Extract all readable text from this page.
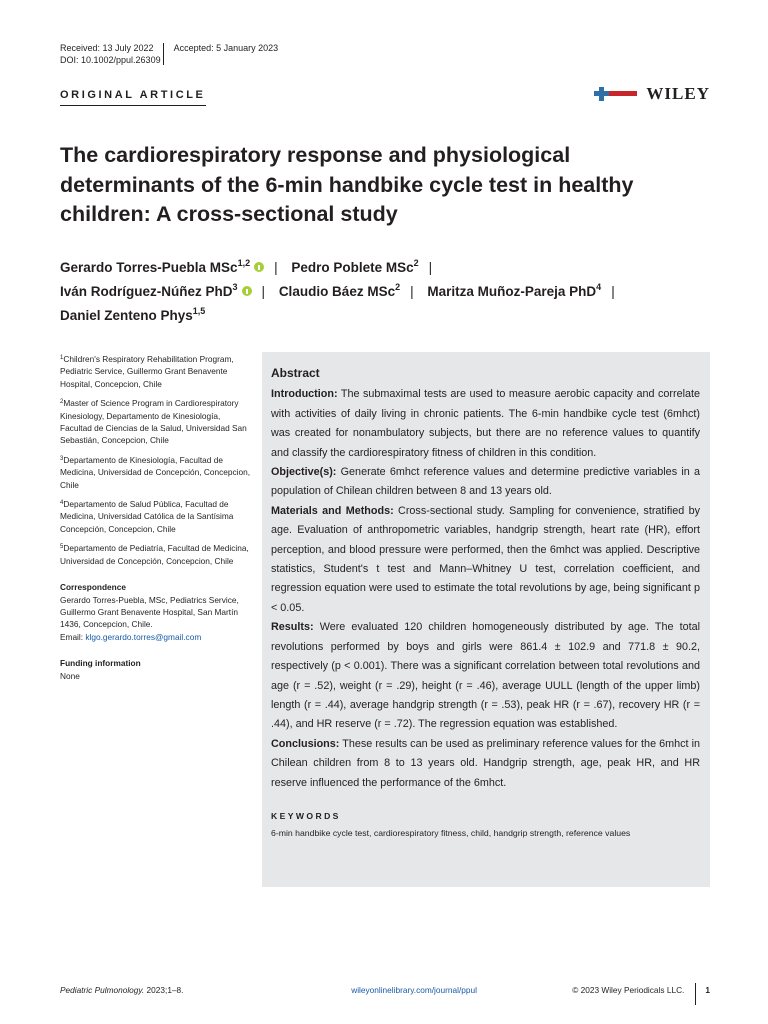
Received: 13 July 2022 Accepted: 5 January 2023
DOI: 10.1002/ppul.26309
ORIGINAL ARTICLE	WILEY
The cardiorespiratory response and physiological determinants of the 6-min handbike cycle test in healthy children: A cross-sectional study
Gerardo Torres-Puebla MSc$^{1,2}$ | Pedro Poblete MSc$^2$ |
Iván Rodríguez-Núñez PhD$^3$ | Claudio Báez MSc$^2$ | Maritza Muñoz-Pareja PhD$^4$ |
Daniel Zenteno Phys$^{1,5}$
$^1$Children's Respiratory Rehabilitation Program, Pediatric Service, Guillermo Grant Benavente Hospital, Concepcion, Chile
$^2$Master of Science Program in Cardiorespiratory Kinesiology, Departamento de Kinesiología, Facultad de Ciencias de la Salud, Universidad San Sebastián, Concepcion, Chile
$^3$Departamento de Kinesiología, Facultad de Medicina, Universidad de Concepción, Concepcion, Chile
$^4$Departamento de Salud Pública, Facultad de Medicina, Universidad Católica de la Santísima Concepción, Concepcion, Chile
$^5$Departamento de Pediatría, Facultad de Medicina, Universidad de Concepción, Concepcion, Chile
Correspondence
Gerardo Torres-Puebla, MSc, Pediatrics Service, Guillermo Grant Benavente Hospital, San Martín 1436, Concepcion, Chile.
Email: klgo.gerardo.torres@gmail.com
Funding information
None
Abstract

Introduction: The submaximal tests are used to measure aerobic capacity and correlate with activities of daily living in chronic patients. The 6-min handbike cycle test (6mhct) was created for nonambulatory subjects, but there are no reference values to quantify and classify the cardiorespiratory fitness of children in this condition.

Objective(s): Generate 6mhct reference values and determine predictive variables in a population of Chilean children between 8 and 13 years old.

Materials and Methods: Cross-sectional study. Sampling for convenience, stratified by age. Evaluation of anthropometric variables, handgrip strength, heart rate (HR), effort perception, and blood pressure were performed, then the 6mhct was applied. Descriptive statistics, Student's t test and Mann–Whitney U test, correlation coefficient, and regression equation were used to estimate the total revolutions by age, being significant p < 0.05.

Results: Were evaluated 120 children homogeneously distributed by age. The total revolutions performed by boys and girls were 861.4 ± 102.9 and 771.8 ± 90.2, respectively (p < 0.001). There was a significant correlation between total revolutions and age (r = .52), weight (r = .29), height (r = .46), average UULL (length of the upper limb) length (r = .44), average handgrip strength (r = .53), peak HR (r = .67), recovery HR (r = .44), and HR reserve (r = .72). The regression equation was established.

Conclusions: These results can be used as preliminary reference values for the 6mhct in Chilean children from 8 to 13 years old. Handgrip strength, age, peak HR, and HR reserve influenced the performance of the 6mhct.

KEYWORDS
6-min handbike cycle test, cardiorespiratory fitness, child, handgrip strength, reference values
Pediatric Pulmonology. 2023;1–8.	wileyonlinelibrary.com/journal/ppul	© 2023 Wiley Periodicals LLC.	1
